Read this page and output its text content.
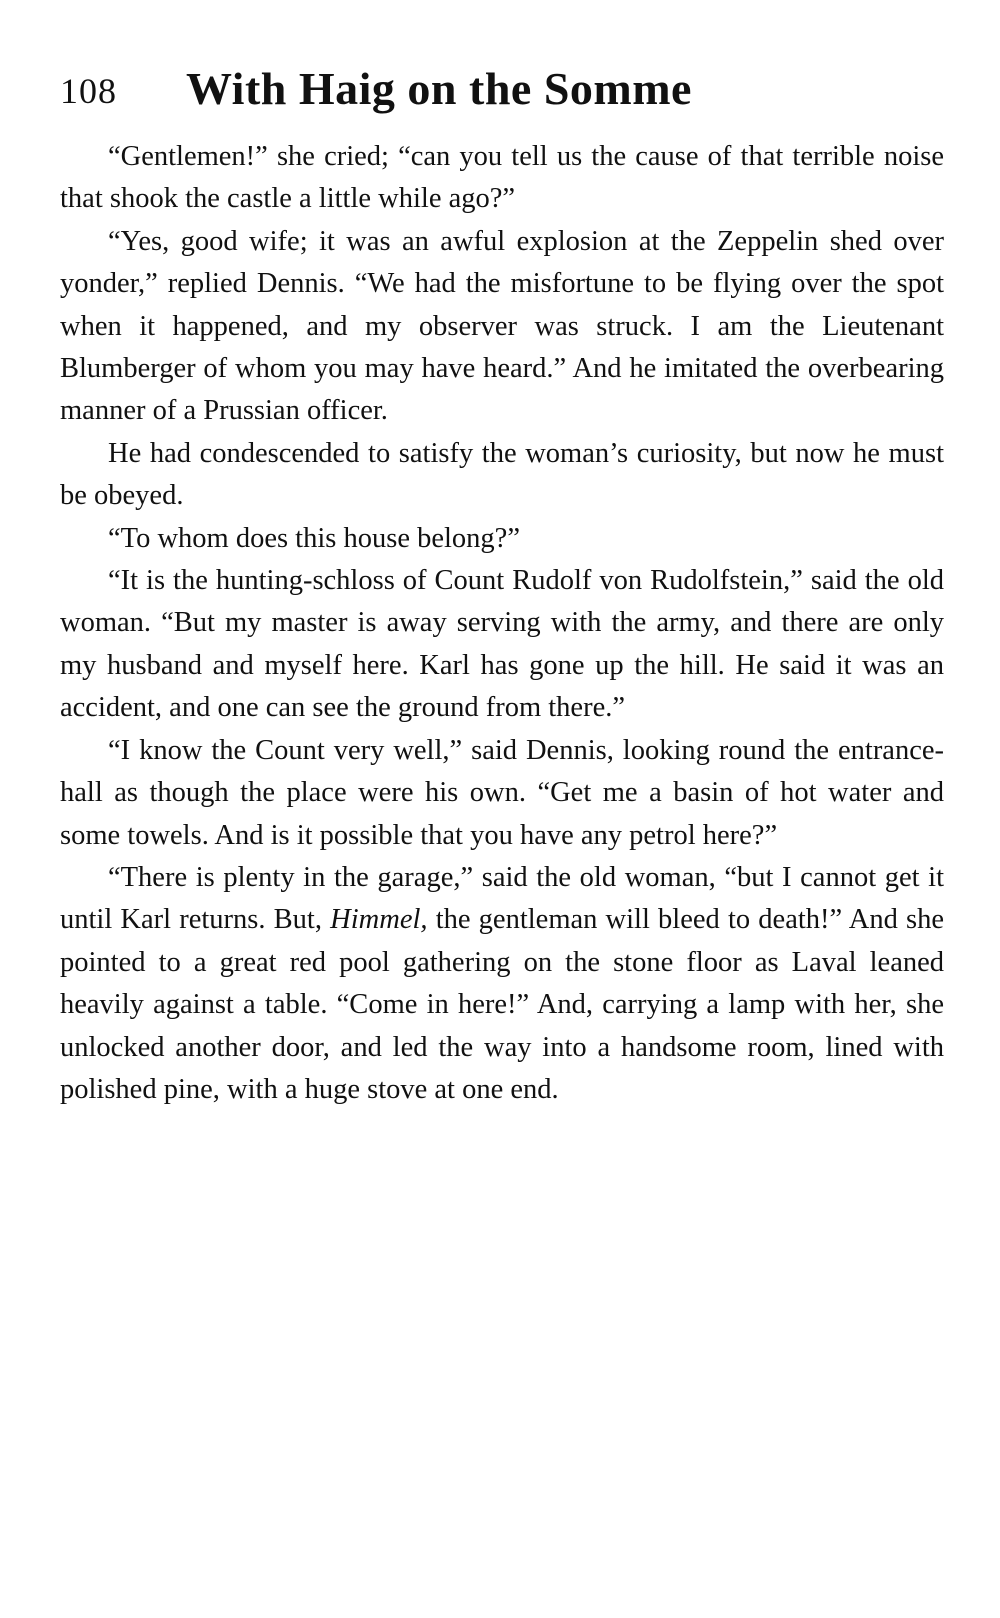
108 With Haig on the Somme

“Gentlemen!” she cried; “can you tell us the cause of that terrible noise that shook the castle a little while ago?”

“Yes, good wife; it was an awful explosion at the Zeppelin shed over yonder,” replied Dennis. “We had the misfortune to be flying over the spot when it happened, and my observer was struck. I am the Lieutenant Blumberger of whom you may have heard.” And he imitated the overbearing manner of a Prussian officer.

He had condescended to satisfy the woman’s curiosity, but now he must be obeyed.

“To whom does this house belong?”

“It is the hunting-schloss of Count Rudolf von Rudolfstein,” said the old woman. “But my master is away serving with the army, and there are only my husband and myself here. Karl has gone up the hill. He said it was an accident, and one can see the ground from there.”

“I know the Count very well,” said Dennis, looking round the entrance-hall as though the place were his own. “Get me a basin of hot water and some towels. And is it possible that you have any petrol here?”

“There is plenty in the garage,” said the old woman, “but I cannot get it until Karl returns. But, Himmel, the gentleman will bleed to death!” And she pointed to a great red pool gathering on the stone floor as Laval leaned heavily against a table. “Come in here!” And, carrying a lamp with her, she unlocked another door, and led the way into a handsome room, lined with polished pine, with a huge stove at one end.
